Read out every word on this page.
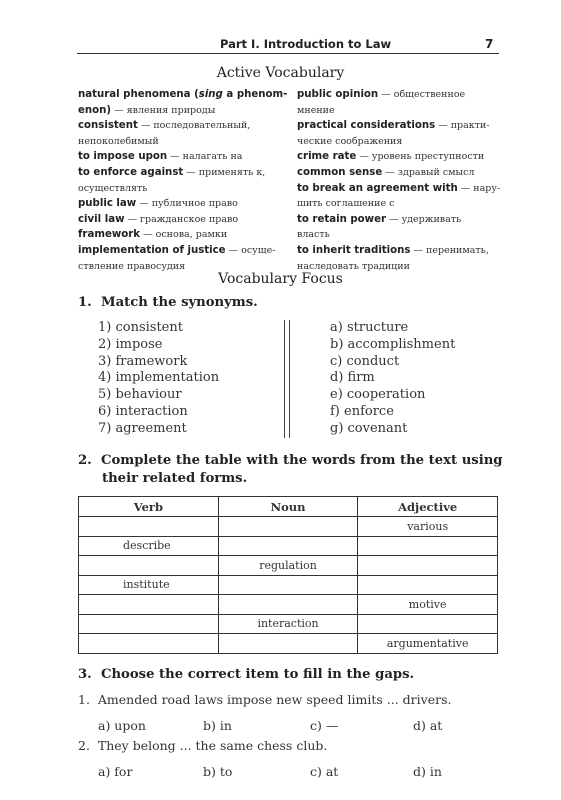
Part I. Introduction to Law	7
Active Vocabulary
natural phenomena (sing a phenom-
enon) — явления природы
consistent — последовательный,
непоколебимый
to impose upon — налагать на
to enforce against — применять к,
осуществлять
public law — публичное право
civil law — гражданское право
framework — основа, рамки
implementation of justice — осуще-
ствление правосудия
public opinion — общественное
мнение
practical considerations — практи-
ческие соображения
crime rate — уровень преступности
common sense — здравый смысл
to break an agreement with — нару-
шить соглашение с
to retain power — удерживать
власть
to inherit traditions — перенимать,
наследовать традиции
Vocabulary Focus
1. Match the synonyms.
1) consistent
2) impose
3) framework
4) implementation
5) behaviour
6) interaction
7) agreement
a) structure
b) accomplishment
c) conduct
d) firm
e) cooperation
f) enforce
g) covenant
2. Complete the table with the words from the text using
their related forms.
Verb	Noun	Adjective
		various
describe		
	regulation	
institute		
		motive
	interaction	
		argumentative
3. Choose the correct item to fill in the gaps.
1.  Amended road laws impose new speed limits ... drivers.
a) upon	b) in	c) —	d) at
2.  They belong ... the same chess club.
a) for	b) to	c) at	d) in
